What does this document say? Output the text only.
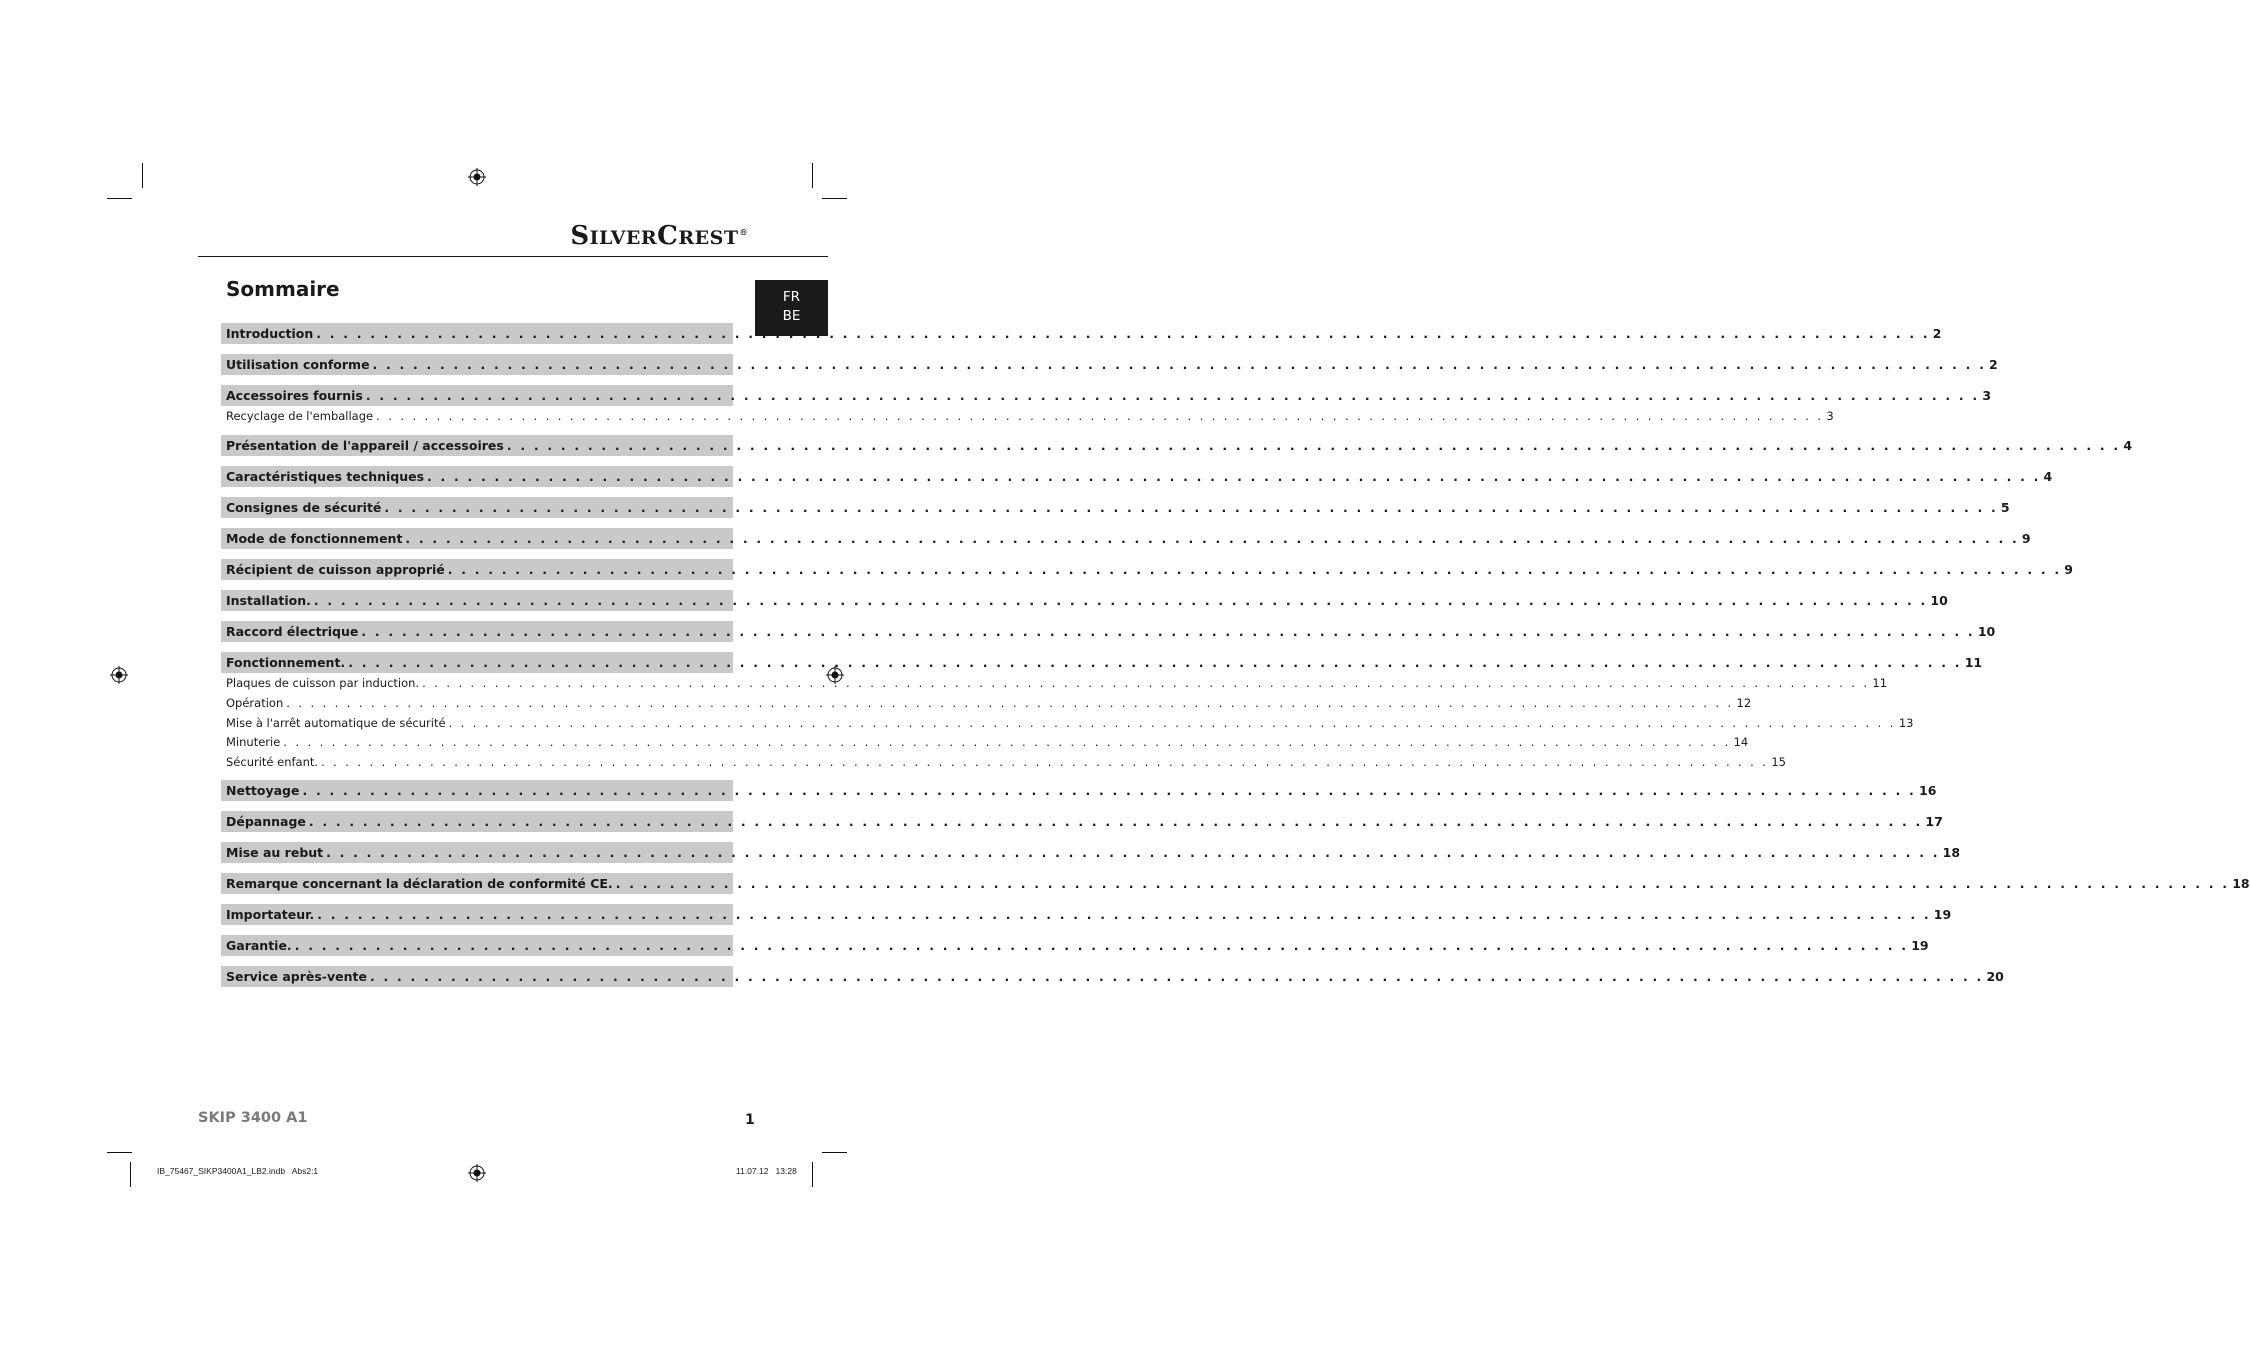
SILVERCREST®
Sommaire	FR
BE
Introduction . . . . . . . . . . . . . . . . . . . . . . . . . . . . . . . . . . . . . . . . . . . . . . . . . . . . . . . . . . . . . . . . . . . . . . . . . . . . . . . . . . . . . . . . . . . . . . . . . . . . . . . . . . . . . . . . . . . . . . . . 2
Utilisation conforme . . . . . . . . . . . . . . . . . . . . . . . . . . . . . . . . . . . . . . . . . . . . . . . . . . . . . . . . . . . . . . . . . . . . . . . . . . . . . . . . . . . . . . . . . . . . . . . . . . . . . . . . . . . . . . . . . . . . . . . . 2
Accessoires fournis . . . . . . . . . . . . . . . . . . . . . . . . . . . . . . . . . . . . . . . . . . . . . . . . . . . . . . . . . . . . . . . . . . . . . . . . . . . . . . . . . . . . . . . . . . . . . . . . . . . . . . . . . . . . . . . . . . . . . . . . 3
Recyclage de l'emballage . . . . . . . . . . . . . . . . . . . . . . . . . . . . . . . . . . . . . . . . . . . . . . . . . . . . . . . . . . . . . . . . . . . . . . . . . . . . . . . . . . . . . . . . . . . . . . . . . . . . . . . . . . . . . . . . . . . . . . . . 3
Présentation de l'appareil / accessoires . . . . . . . . . . . . . . . . . . . . . . . . . . . . . . . . . . . . . . . . . . . . . . . . . . . . . . . . . . . . . . . . . . . . . . . . . . . . . . . . . . . . . . . . . . . . . . . . . . . . . . . . . . . . . . . . . . . . . . . . 4
Caractéristiques techniques . . . . . . . . . . . . . . . . . . . . . . . . . . . . . . . . . . . . . . . . . . . . . . . . . . . . . . . . . . . . . . . . . . . . . . . . . . . . . . . . . . . . . . . . . . . . . . . . . . . . . . . . . . . . . . . . . . . . . . . . 4
Consignes de sécurité . . . . . . . . . . . . . . . . . . . . . . . . . . . . . . . . . . . . . . . . . . . . . . . . . . . . . . . . . . . . . . . . . . . . . . . . . . . . . . . . . . . . . . . . . . . . . . . . . . . . . . . . . . . . . . . . . . . . . . . . 5
Mode de fonctionnement . . . . . . . . . . . . . . . . . . . . . . . . . . . . . . . . . . . . . . . . . . . . . . . . . . . . . . . . . . . . . . . . . . . . . . . . . . . . . . . . . . . . . . . . . . . . . . . . . . . . . . . . . . . . . . . . . . . . . . . . 9
Récipient de cuisson approprié . . . . . . . . . . . . . . . . . . . . . . . . . . . . . . . . . . . . . . . . . . . . . . . . . . . . . . . . . . . . . . . . . . . . . . . . . . . . . . . . . . . . . . . . . . . . . . . . . . . . . . . . . . . . . . . . . . . . . . . . 9
Installation. . . . . . . . . . . . . . . . . . . . . . . . . . . . . . . . . . . . . . . . . . . . . . . . . . . . . . . . . . . . . . . . . . . . . . . . . . . . . . . . . . . . . . . . . . . . . . . . . . . . . . . . . . . . . . . . . . . . . . . . . 10
Raccord électrique . . . . . . . . . . . . . . . . . . . . . . . . . . . . . . . . . . . . . . . . . . . . . . . . . . . . . . . . . . . . . . . . . . . . . . . . . . . . . . . . . . . . . . . . . . . . . . . . . . . . . . . . . . . . . . . . . . . . . . . . 10
Fonctionnement. . . . . . . . . . . . . . . . . . . . . . . . . . . . . . . . . . . . . . . . . . . . . . . . . . . . . . . . . . . . . . . . . . . . . . . . . . . . . . . . . . . . . . . . . . . . . . . . . . . . . . . . . . . . . . . . . . . . . . . . . 11
Plaques de cuisson par induction. . . . . . . . . . . . . . . . . . . . . . . . . . . . . . . . . . . . . . . . . . . . . . . . . . . . . . . . . . . . . . . . . . . . . . . . . . . . . . . . . . . . . . . . . . . . . . . . . . . . . . . . . . . . . . . . . . . . . . . . . 11
Opération . . . . . . . . . . . . . . . . . . . . . . . . . . . . . . . . . . . . . . . . . . . . . . . . . . . . . . . . . . . . . . . . . . . . . . . . . . . . . . . . . . . . . . . . . . . . . . . . . . . . . . . . . . . . . . . . . . . . . . . . 12
Mise à l'arrêt automatique de sécurité . . . . . . . . . . . . . . . . . . . . . . . . . . . . . . . . . . . . . . . . . . . . . . . . . . . . . . . . . . . . . . . . . . . . . . . . . . . . . . . . . . . . . . . . . . . . . . . . . . . . . . . . . . . . . . . . . . . . . . . . 13
Minuterie . . . . . . . . . . . . . . . . . . . . . . . . . . . . . . . . . . . . . . . . . . . . . . . . . . . . . . . . . . . . . . . . . . . . . . . . . . . . . . . . . . . . . . . . . . . . . . . . . . . . . . . . . . . . . . . . . . . . . . . . 14
Sécurité enfant. . . . . . . . . . . . . . . . . . . . . . . . . . . . . . . . . . . . . . . . . . . . . . . . . . . . . . . . . . . . . . . . . . . . . . . . . . . . . . . . . . . . . . . . . . . . . . . . . . . . . . . . . . . . . . . . . . . . . . . . . 15
Nettoyage . . . . . . . . . . . . . . . . . . . . . . . . . . . . . . . . . . . . . . . . . . . . . . . . . . . . . . . . . . . . . . . . . . . . . . . . . . . . . . . . . . . . . . . . . . . . . . . . . . . . . . . . . . . . . . . . . . . . . . . . 16
Dépannage . . . . . . . . . . . . . . . . . . . . . . . . . . . . . . . . . . . . . . . . . . . . . . . . . . . . . . . . . . . . . . . . . . . . . . . . . . . . . . . . . . . . . . . . . . . . . . . . . . . . . . . . . . . . . . . . . . . . . . . . 17
Mise au rebut . . . . . . . . . . . . . . . . . . . . . . . . . . . . . . . . . . . . . . . . . . . . . . . . . . . . . . . . . . . . . . . . . . . . . . . . . . . . . . . . . . . . . . . . . . . . . . . . . . . . . . . . . . . . . . . . . . . . . . . . 18
Remarque concernant la déclaration de conformité CE. . . . . . . . . . . . . . . . . . . . . . . . . . . . . . . . . . . . . . . . . . . . . . . . . . . . . . . . . . . . . . . . . . . . . . . . . . . . . . . . . . . . . . . . . . . . . . . . . . . . . . . . . . . . . . . . . . . . . . . . . 18
Importateur. . . . . . . . . . . . . . . . . . . . . . . . . . . . . . . . . . . . . . . . . . . . . . . . . . . . . . . . . . . . . . . . . . . . . . . . . . . . . . . . . . . . . . . . . . . . . . . . . . . . . . . . . . . . . . . . . . . . . . . . . 19
Garantie. . . . . . . . . . . . . . . . . . . . . . . . . . . . . . . . . . . . . . . . . . . . . . . . . . . . . . . . . . . . . . . . . . . . . . . . . . . . . . . . . . . . . . . . . . . . . . . . . . . . . . . . . . . . . . . . . . . . . . . . . 19
Service après-vente . . . . . . . . . . . . . . . . . . . . . . . . . . . . . . . . . . . . . . . . . . . . . . . . . . . . . . . . . . . . . . . . . . . . . . . . . . . . . . . . . . . . . . . . . . . . . . . . . . . . . . . . . . . . . . . . . . . . . . . . 20
SKIP 3400 A1	1
IB_75467_SIKP3400A1_LB2.indb   Abs2:1	11.07.12   13:28
